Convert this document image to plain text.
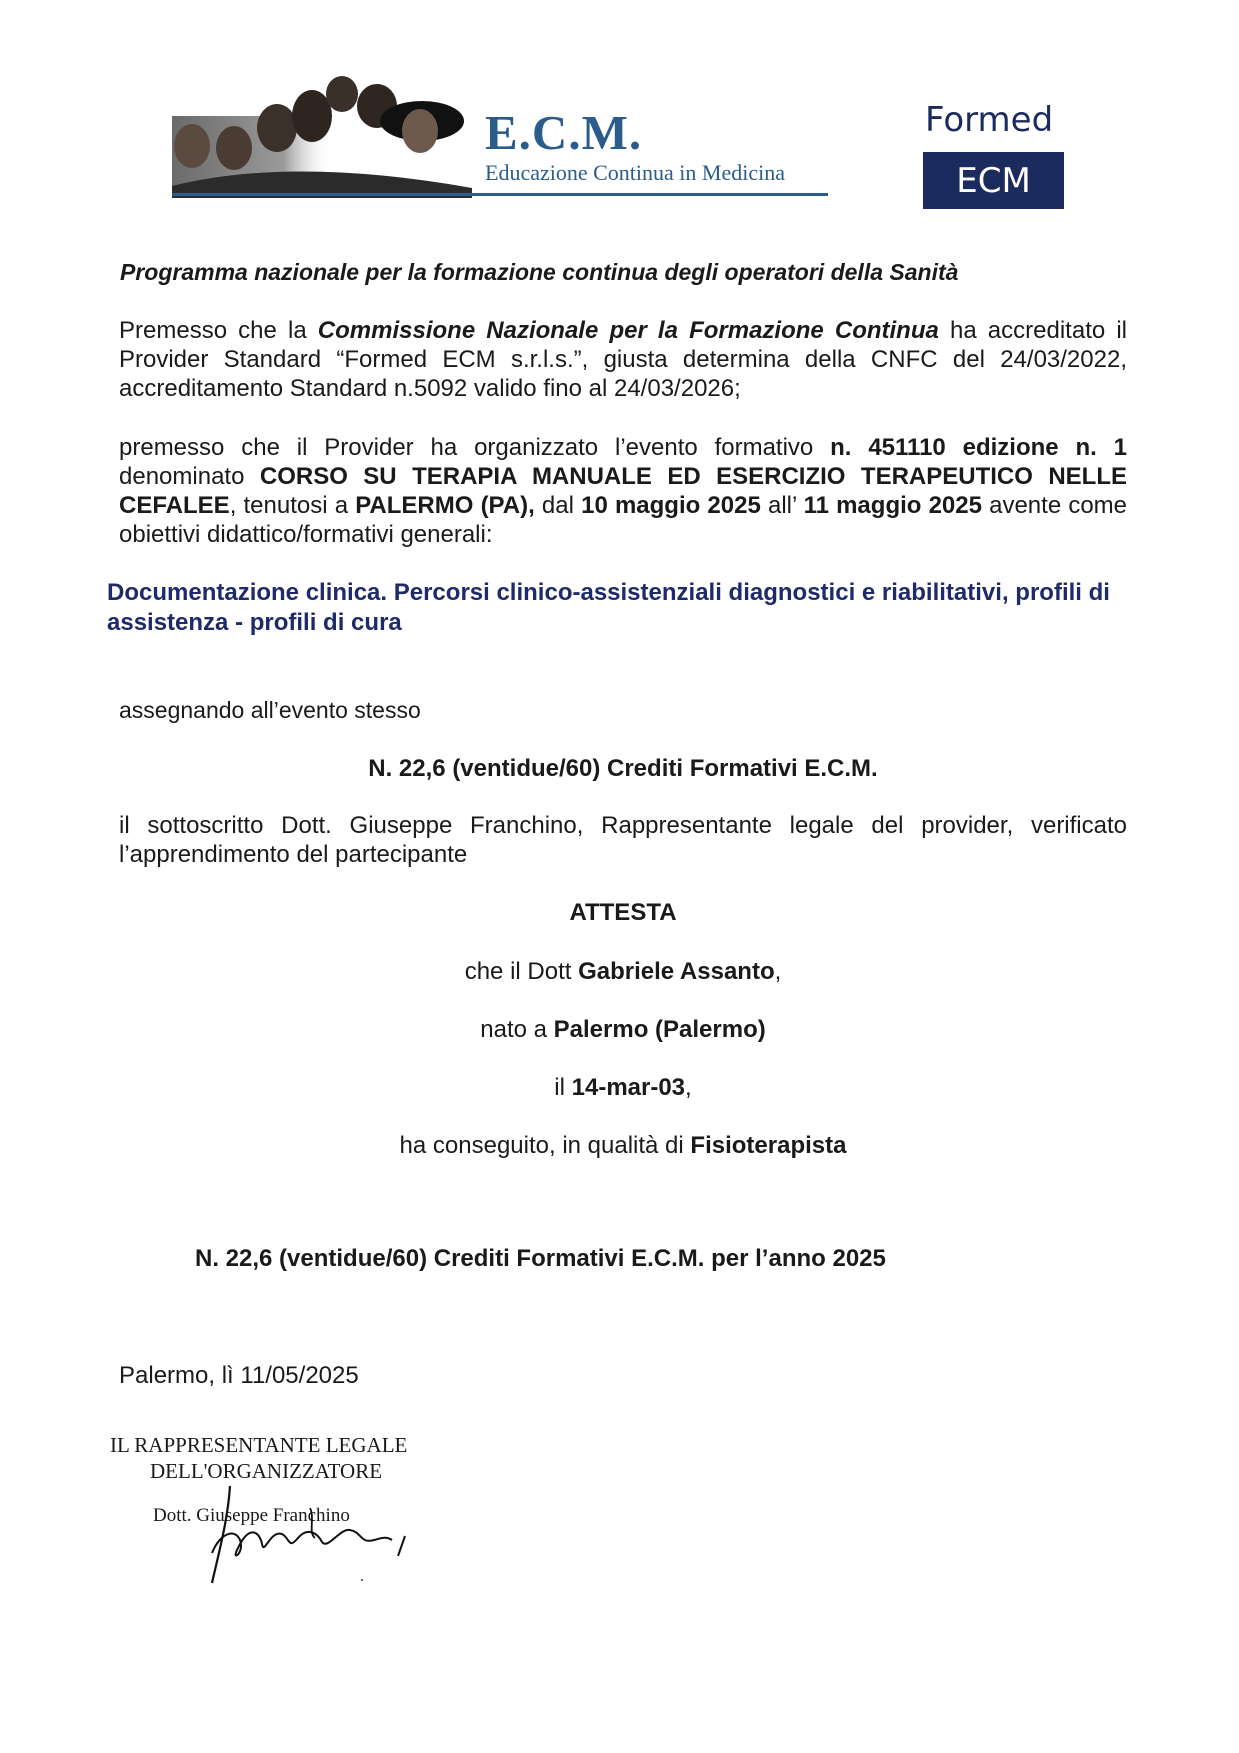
E.C.M.
Educazione Continua in Medicina
Formed
ECM
Programma nazionale per la formazione continua degli operatori della Sanità
Premesso che la Commissione Nazionale per la Formazione Continua ha accreditato il Provider Standard “Formed ECM s.r.l.s.”, giusta determina della CNFC del 24/03/2022, accreditamento Standard n.5092 valido fino al 24/03/2026;
premesso che il Provider ha organizzato l’evento formativo n. 451110 edizione n. 1 denominato CORSO SU TERAPIA MANUALE ED ESERCIZIO TERAPEUTICO NELLE CEFALEE, tenutosi a PALERMO (PA), dal 10 maggio 2025 all’ 11 maggio 2025 avente come obiettivi didattico/formativi generali:
Documentazione clinica. Percorsi clinico-assistenziali diagnostici e riabilitativi, profili di assistenza - profili di cura
assegnando all’evento stesso
N. 22,6 (ventidue/60) Crediti Formativi E.C.M.
il sottoscritto Dott. Giuseppe Franchino, Rappresentante legale del provider, verificato l’apprendimento del partecipante
ATTESTA
che il Dott Gabriele Assanto,
nato a Palermo (Palermo)
il 14-mar-03,
ha conseguito, in qualità di Fisioterapista
N. 22,6 (ventidue/60) Crediti Formativi E.C.M. per l’anno 2025
Palermo, lì 11/05/2025
IL RAPPRESENTANTE LEGALE
DELL'ORGANIZZATORE
Dott. Giuseppe Franchino
